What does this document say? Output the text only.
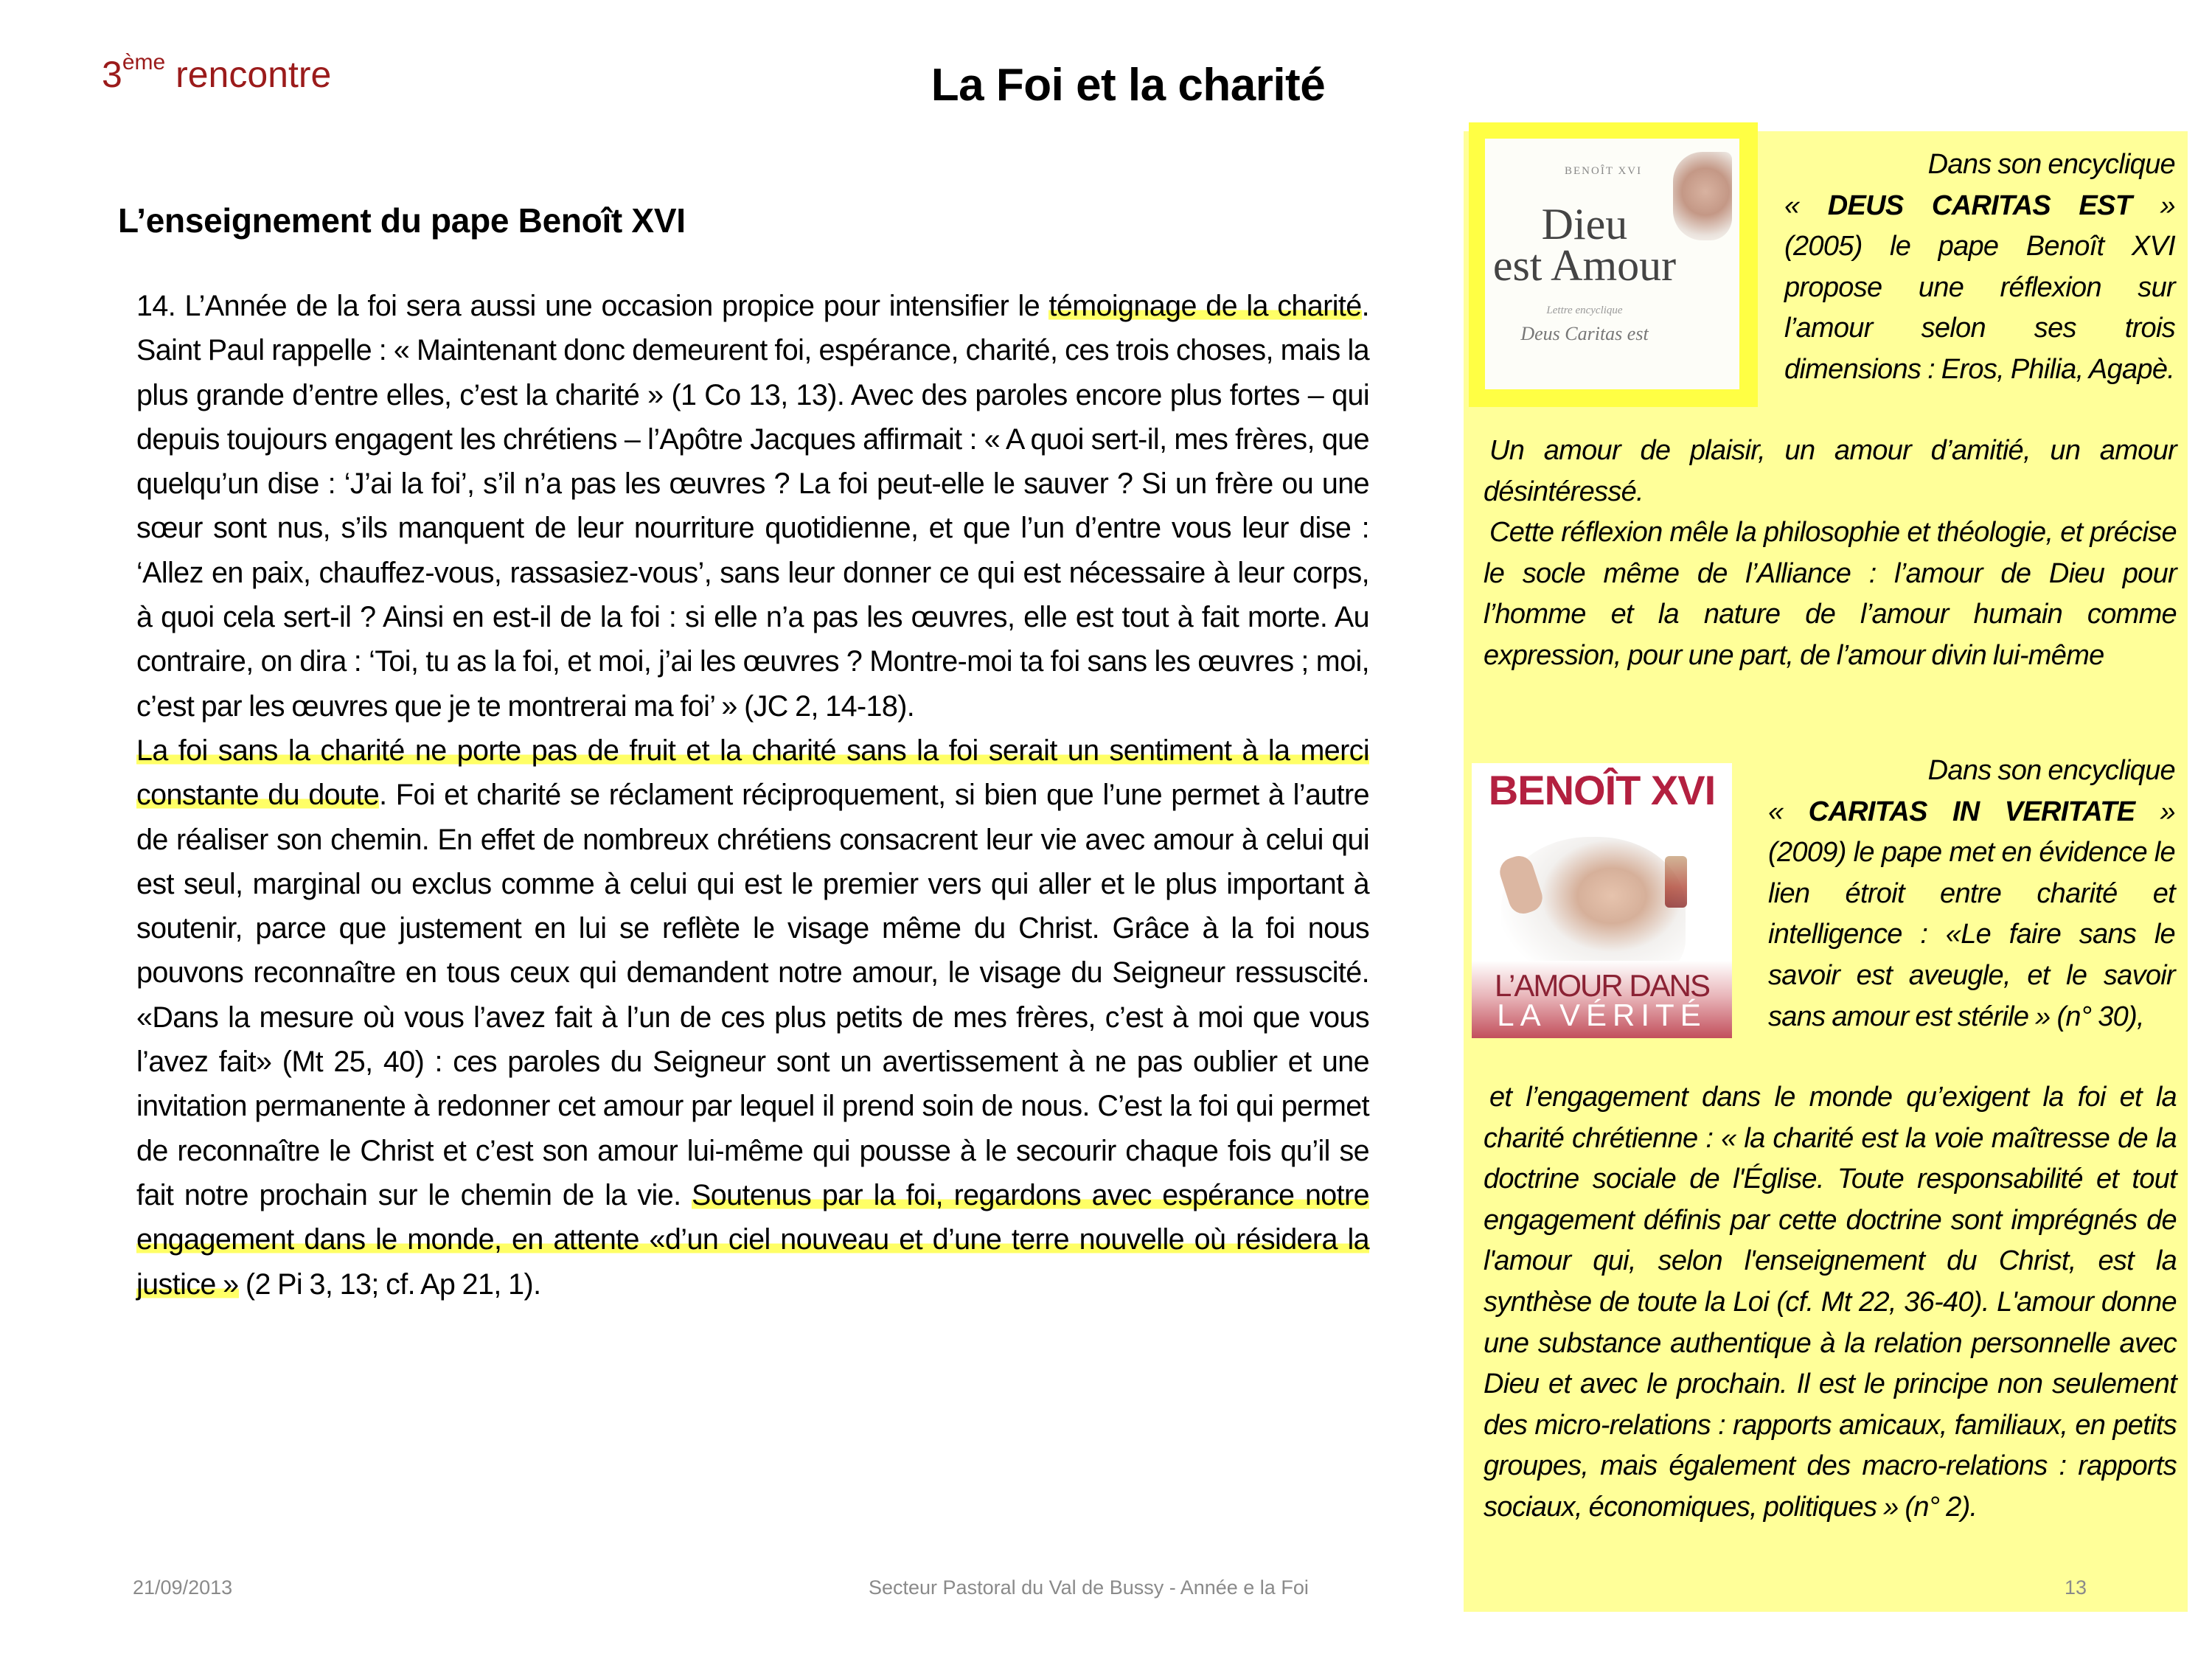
3ème rencontre	La Foi et la charité
L’enseignement du pape Benoît XVI
14. L’Année de la foi sera aussi une occasion propice pour intensifier le témoignage de la charité. Saint Paul rappelle : « Maintenant donc demeurent foi, espérance, charité, ces trois choses, mais la plus grande d’entre elles, c’est la charité » (1 Co 13, 13). Avec des paroles encore plus fortes – qui depuis toujours engagent les chrétiens – l’Apôtre Jacques affirmait : « A quoi sert-il, mes frères, que quelqu’un dise : ‘J’ai la foi’, s’il n’a pas les œuvres ? La foi peut-elle le sauver ? Si un frère ou une sœur sont nus, s’ils manquent de leur nourriture quotidienne, et que l’un d’entre vous leur dise : ‘Allez en paix, chauffez-vous, rassasiez-vous’, sans leur donner ce qui est nécessaire à leur corps, à quoi cela sert-il ? Ainsi en est-il de la foi : si elle n’a pas les œuvres, elle est tout à fait morte. Au contraire, on dira : ‘Toi, tu as la foi, et moi, j’ai les œuvres ? Montre-moi ta foi sans les œuvres ; moi, c’est par les œuvres que je te montrerai ma foi’ » (JC 2, 14-18).
La foi sans la charité ne porte pas de fruit et la charité sans la foi serait un sentiment à la merci constante du doute. Foi et charité se réclament réciproquement, si bien que l’une permet à l’autre de réaliser son chemin. En effet de nombreux chrétiens consacrent leur vie avec amour à celui qui est seul, marginal ou exclus comme à celui qui est le premier vers qui aller et le plus important à soutenir, parce que justement en lui se reflète le visage même du Christ. Grâce à la foi nous pouvons reconnaître en tous ceux qui demandent notre amour, le visage du Seigneur ressuscité. «Dans la mesure où vous l’avez fait à l’un de ces plus petits de mes frères, c’est à moi que vous l’avez fait» (Mt 25, 40) : ces paroles du Seigneur sont un avertissement à ne pas oublier et une invitation permanente à redonner cet amour par lequel il prend soin de nous. C’est la foi qui permet de reconnaître le Christ et c’est son amour lui-même qui pousse à le secourir chaque fois qu’il se fait notre prochain sur le chemin de la vie. Soutenus par la foi, regardons avec espérance notre engagement dans le monde, en attente «d’un ciel nouveau et d’une terre nouvelle où résidera la justice » (2 Pi 3, 13; cf. Ap 21, 1).
BENOÎT XVI
Dieu
est Amour
Lettre encyclique
Deus Caritas est
Dans son encyclique
« DEUS CARITAS EST »
(2005) le pape Benoît XVI propose une réflexion sur l’amour selon ses trois dimensions : Eros, Philia, Agapè.
Un amour de plaisir, un amour d’amitié, un amour désintéressé.
Cette réflexion mêle la philosophie et théologie, et précise le socle même de l’Alliance : l’amour de Dieu pour l’homme et la nature de l’amour humain comme expression, pour une part, de l’amour divin lui-même
BENOÎT XVI
L’AMOUR DANS
LA VÉRITÉ
Dans son encyclique
« CARITAS IN VERITATE »
(2009) le pape met en évidence le lien étroit entre charité et intelligence : «Le faire sans le savoir est aveugle, et le savoir sans amour est stérile » (n° 30),
et l’engagement dans le monde qu’exigent la foi et la charité chrétienne : « la charité est la voie maîtresse de la doctrine sociale de l'Église. Toute responsabilité et tout engagement définis par cette doctrine sont imprégnés de l'amour qui, selon l'enseignement du Christ, est la synthèse de toute la Loi (cf. Mt 22, 36-40). L'amour donne une substance authentique à la relation personnelle avec Dieu et avec le prochain. Il est le principe non seulement des micro-relations : rapports amicaux, familiaux, en petits groupes, mais également des macro-relations : rapports sociaux, économiques, politiques » (n° 2).
21/09/2013	Secteur Pastoral du Val de Bussy - Année e la Foi	13
